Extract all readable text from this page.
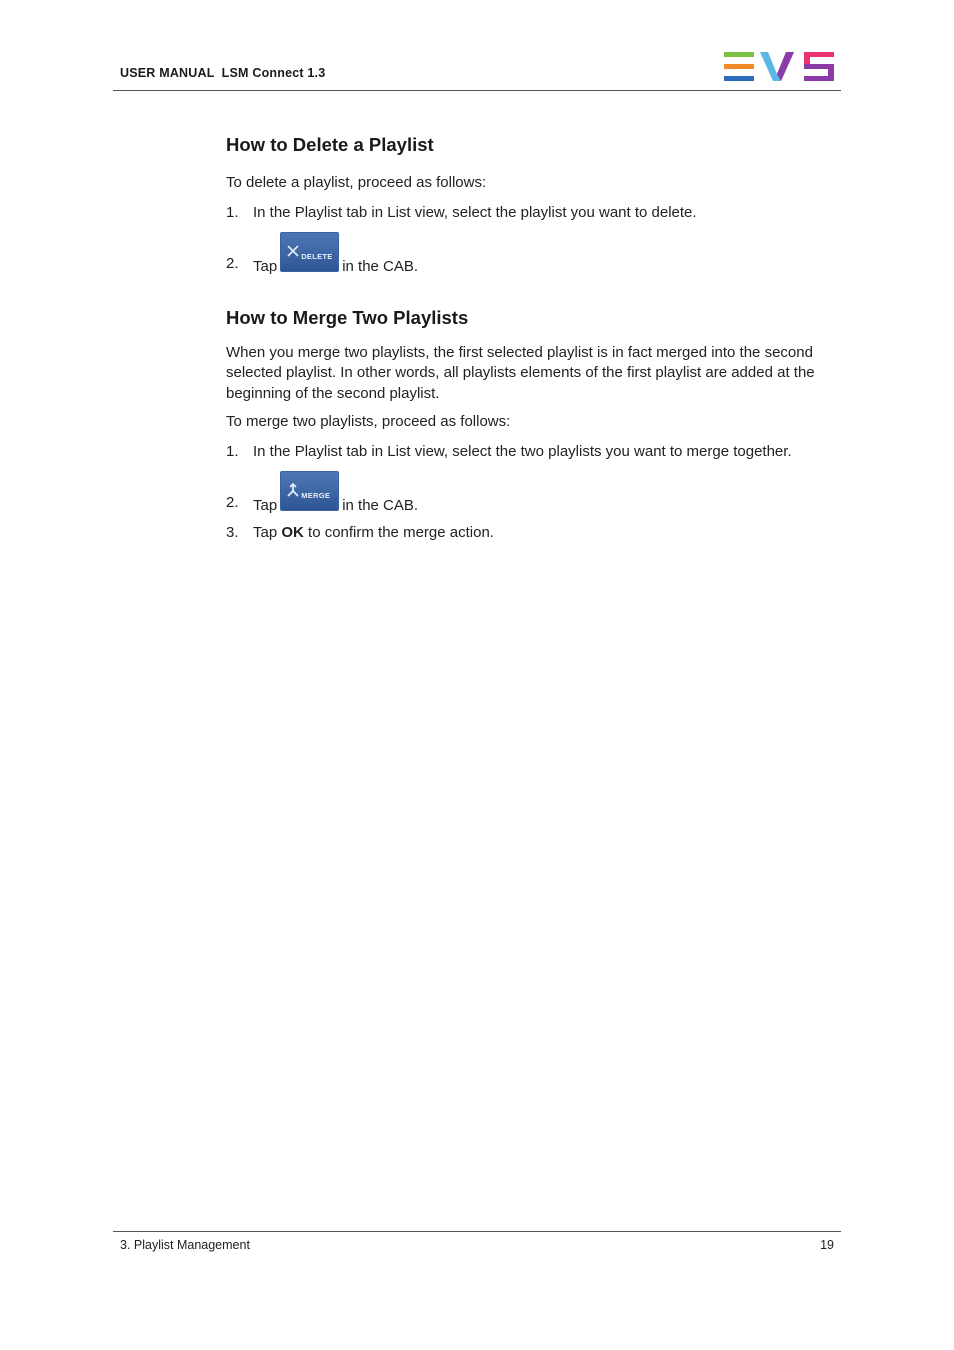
USER MANUAL  LSM Connect 1.3
How to Delete a Playlist

To delete a playlist, proceed as follows:

1. In the Playlist tab in List view, select the playlist you want to delete.
2. Tap
DELETE
in the CAB.
How to Merge Two Playlists

When you merge two playlists, the first selected playlist is in fact merged into the second selected playlist. In other words, all playlists elements of the first playlist are added at the beginning of the second playlist.

To merge two playlists, proceed as follows:

1. In the Playlist tab in List view, select the two playlists you want to merge together.
2. Tap
MERGE
in the CAB.
3. Tap OK to confirm the merge action.
3. Playlist Management	19
